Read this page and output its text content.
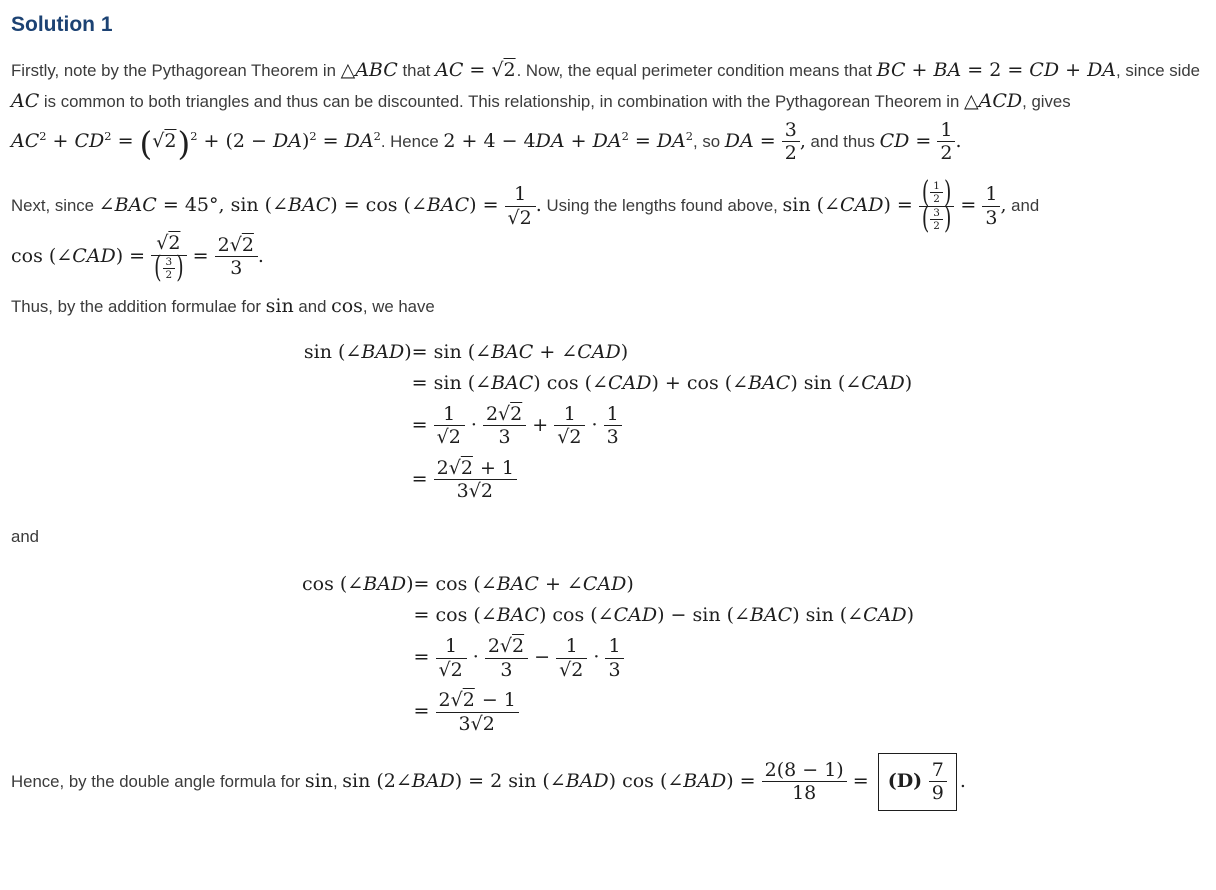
Solution 1
Firstly, note by the Pythagorean Theorem in △ABC that AC = √2. Now, the equal perimeter condition means that BC + BA = 2 = CD + DA, since side AC is common to both triangles and thus can be discounted. This relationship, in combination with the Pythagorean Theorem in △ACD, gives $AC^2 + CD^2 = (√2)^2 + (2 - DA)^2 = DA^2$. Hence $2 + 4 - 4DA + DA^2 = DA^2$, so DA = $\frac{3}{2}$ , and thus CD = $\frac{1}{2}$ .
Next, since ∠BAC = 45°, sin (∠BAC) = cos (∠BAC) = $\frac{1}{√2}$ . Using the lengths found above, sin (∠CAD) = $\frac{( \frac{1}{2} )}{( \frac{3}{2} )} = \frac{1}{3}$ , and cos (∠CAD) = $\frac{√2}{( \frac{3}{2} )} = \frac{2√2}{3}$ .
Thus, by the addition formulae for sin and cos, we have
sin (∠BAD)	= sin (∠BAC + ∠CAD)
	= sin (∠BAC) cos (∠CAD) + cos (∠BAC) sin (∠CAD)
	= $\frac{1}{√2} \cdot \frac{2√2}{3} + \frac{1}{√2} \cdot \frac{1}{3}$

	= $\frac{2√2 + 1}{3√2}$
and
cos (∠BAD)	= cos (∠BAC + ∠CAD)
	= cos (∠BAC) cos (∠CAD) − sin (∠BAC) sin (∠CAD)
	= $\frac{1}{√2} \cdot \frac{2√2}{3} - \frac{1}{√2} \cdot \frac{1}{3}$

	= $\frac{2√2 - 1}{3√2}$
Hence, by the double angle formula for sin, sin (2∠BAD) = 2 sin (∠BAD) cos (∠BAD) = $\frac{2(8 - 1)}{18} = (D) \frac{7}{9}$ .
